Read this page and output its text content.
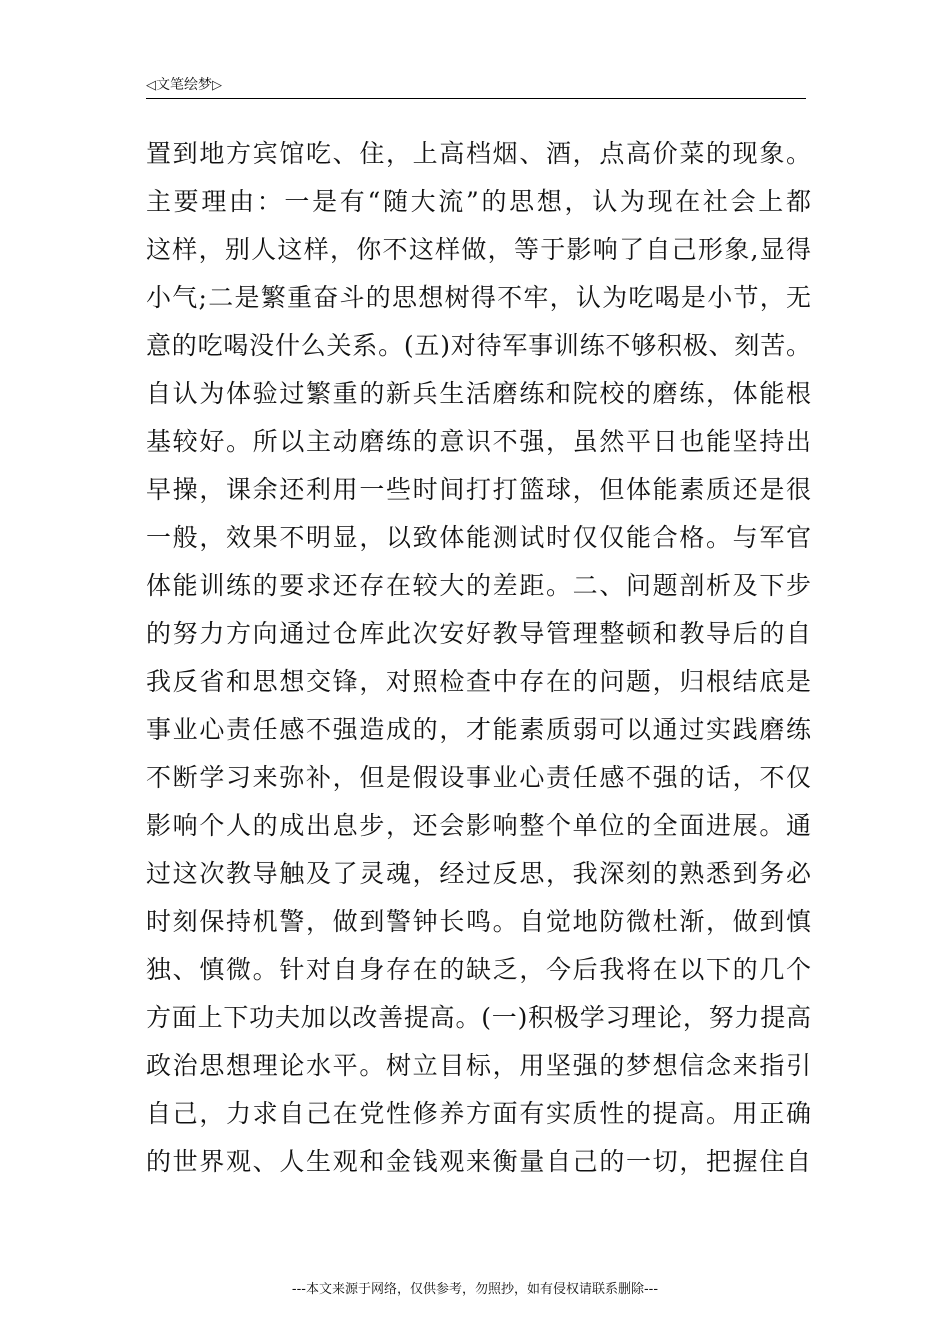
◁文笔绘梦▷
置到地方宾馆吃、住，上高档烟、酒，点高价菜的现象。
主要理由：一是有“随大流”的思想，认为现在社会上都
这样，别人这样，你不这样做，等于影响了自己形象,显得
小气;二是繁重奋斗的思想树得不牢，认为吃喝是小节，无
意的吃喝没什么关系。(五)对待军事训练不够积极、刻苦。
自认为体验过繁重的新兵生活磨练和院校的磨练，体能根
基较好。所以主动磨练的意识不强，虽然平日也能坚持出
早操，课余还利用一些时间打打篮球，但体能素质还是很
一般，效果不明显，以致体能测试时仅仅能合格。与军官
体能训练的要求还存在较大的差距。二、问题剖析及下步
的努力方向通过仓库此次安好教导管理整顿和教导后的自
我反省和思想交锋，对照检查中存在的问题，归根结底是
事业心责任感不强造成的，才能素质弱可以通过实践磨练
不断学习来弥补，但是假设事业心责任感不强的话，不仅
影响个人的成出息步，还会影响整个单位的全面进展。通
过这次教导触及了灵魂，经过反思，我深刻的熟悉到务必
时刻保持机警，做到警钟长鸣。自觉地防微杜渐，做到慎
独、慎微。针对自身存在的缺乏，今后我将在以下的几个
方面上下功夫加以改善提高。(一)积极学习理论，努力提高
政治思想理论水平。树立目标，用坚强的梦想信念来指引
自己，力求自己在党性修养方面有实质性的提高。用正确
的世界观、人生观和金钱观来衡量自己的一切，把握住自
---本文来源于网络，仅供参考，勿照抄，如有侵权请联系删除---
